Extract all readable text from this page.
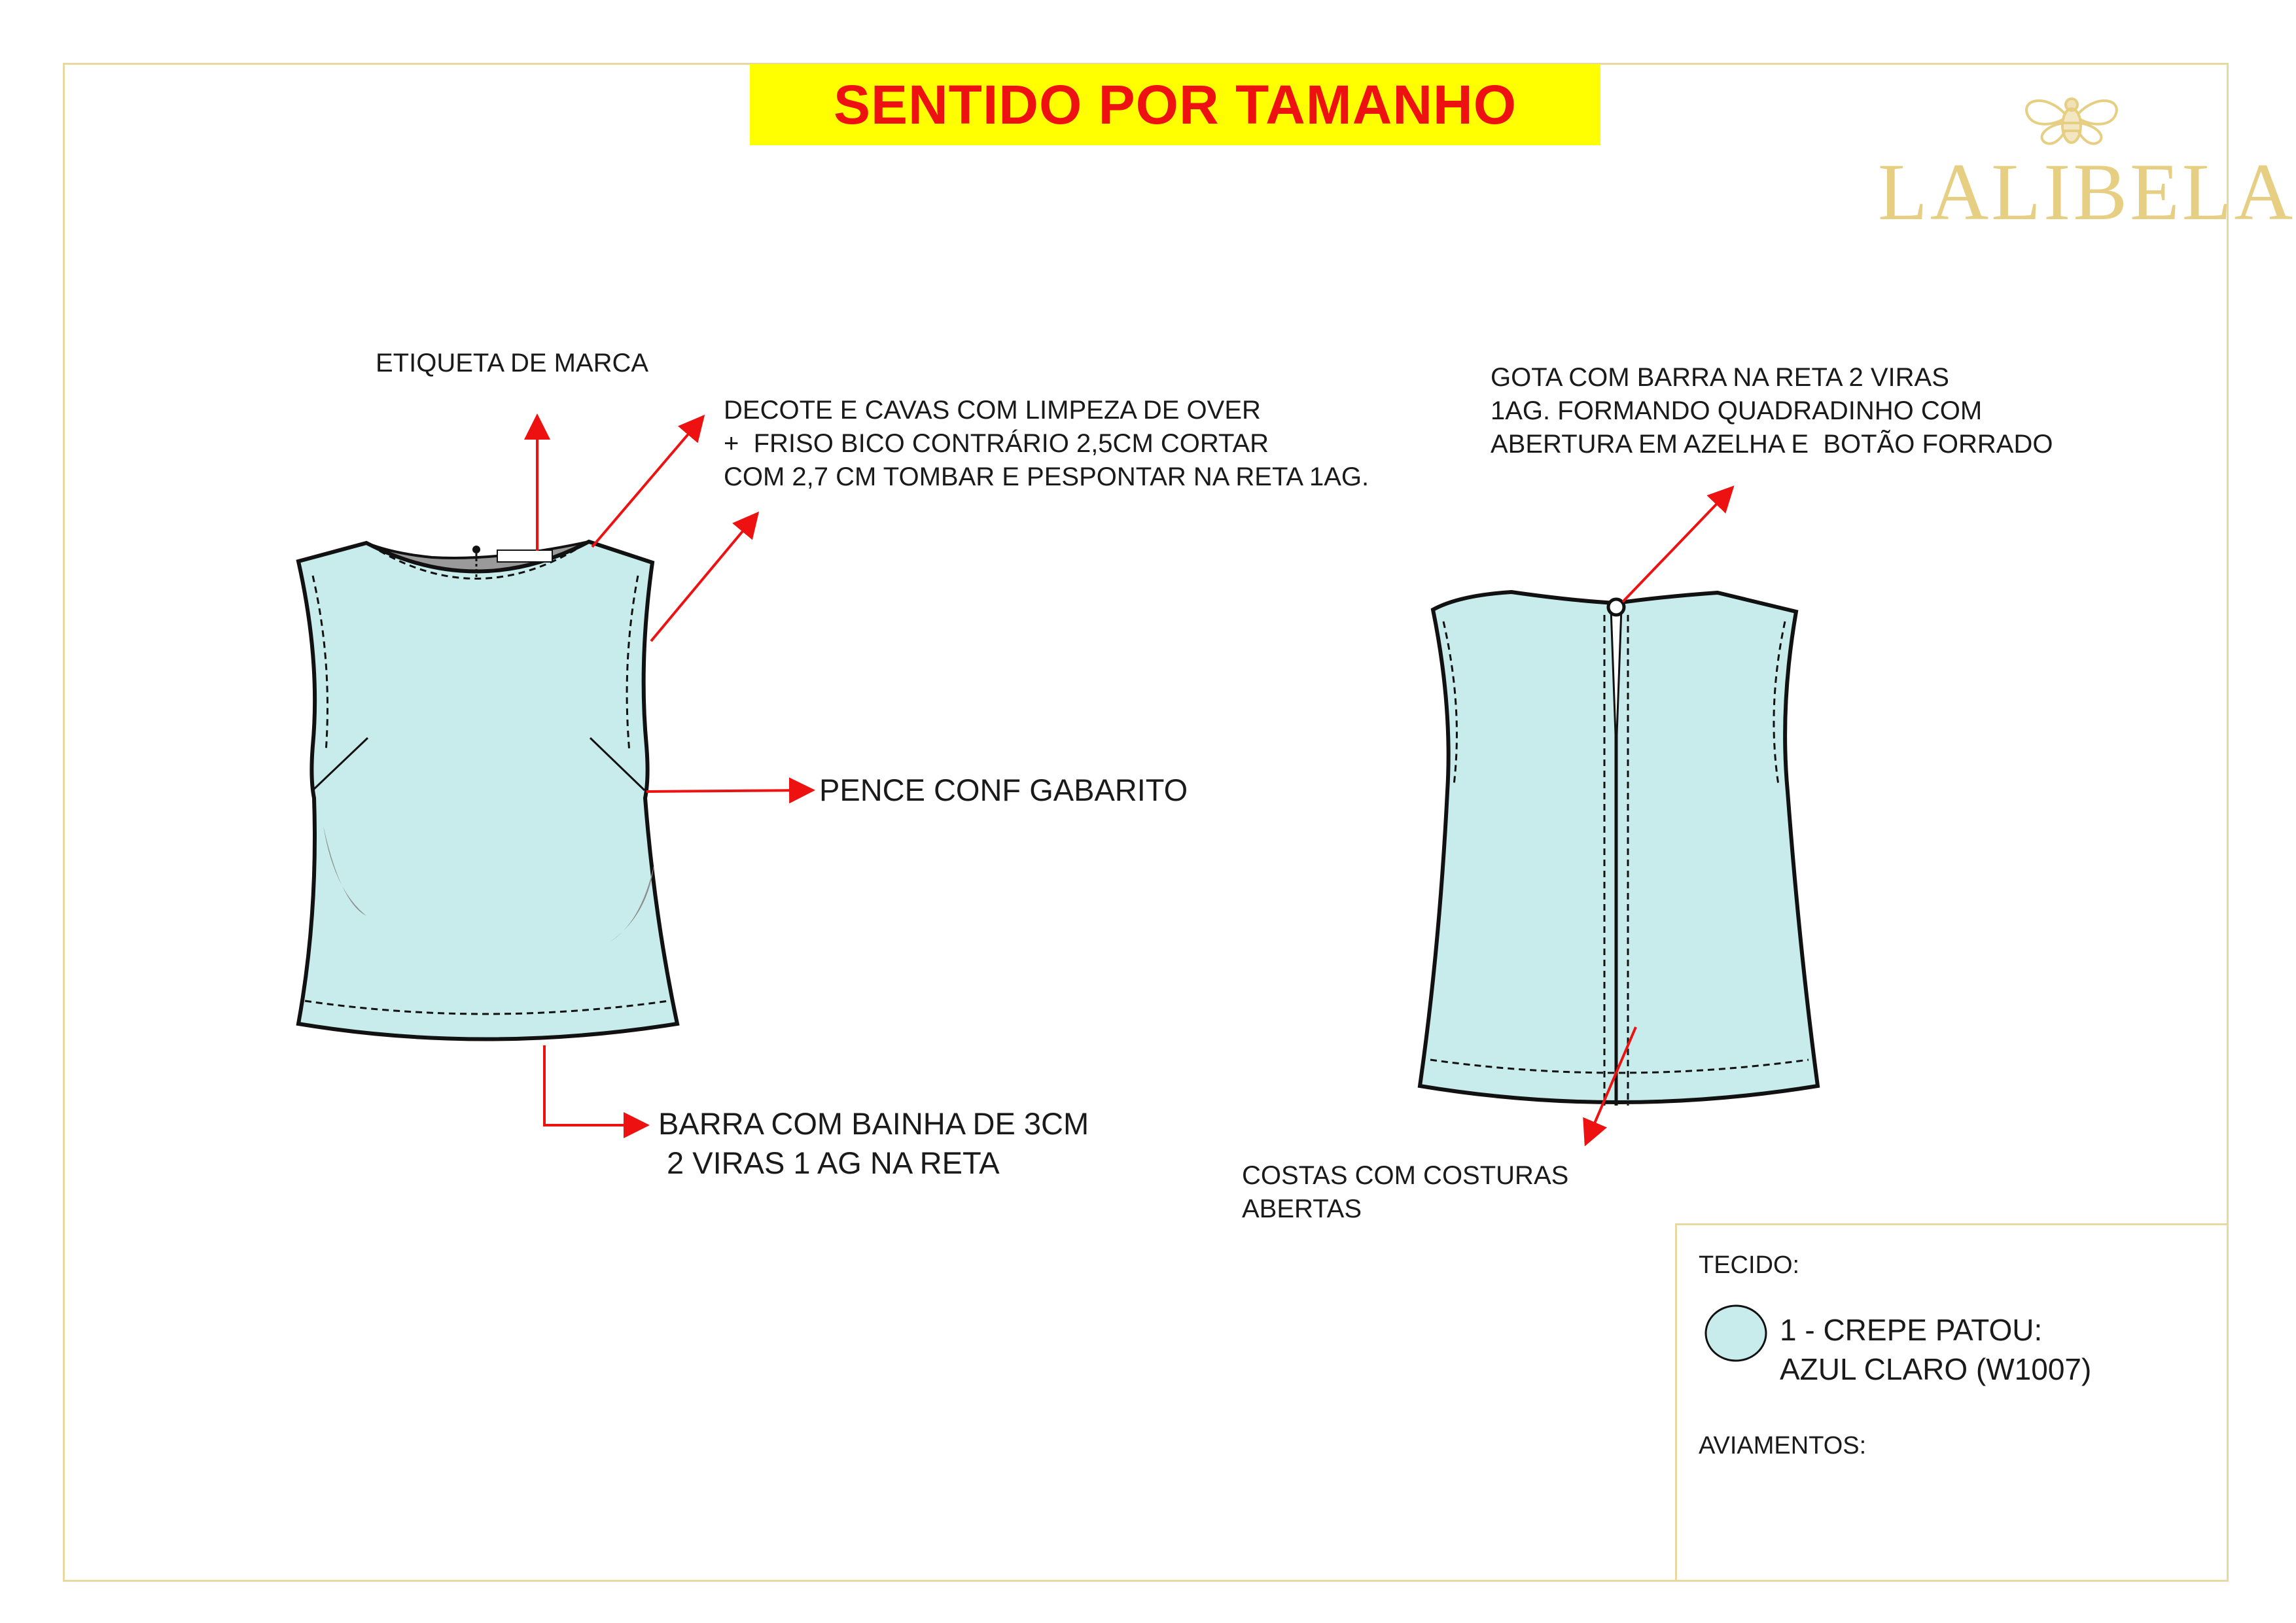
SENTIDO POR TAMANHO
LALIBELA
ETIQUETA DE MARCA
DECOTE E CAVAS COM LIMPEZA DE OVER
+  FRISO BICO CONTRÁRIO 2,5CM CORTAR
COM 2,7 CM TOMBAR E PESPONTAR NA RETA 1AG.
PENCE CONF GABARITO
BARRA COM BAINHA DE 3CM
2 VIRAS 1 AG NA RETA
GOTA COM BARRA NA RETA 2 VIRAS
1AG. FORMANDO QUADRADINHO COM
ABERTURA EM AZELHA E  BOTÃO FORRADO
COSTAS COM COSTURAS
ABERTAS
TECIDO:
1 - CREPE PATOU:
AZUL CLARO (W1007)
AVIAMENTOS:
